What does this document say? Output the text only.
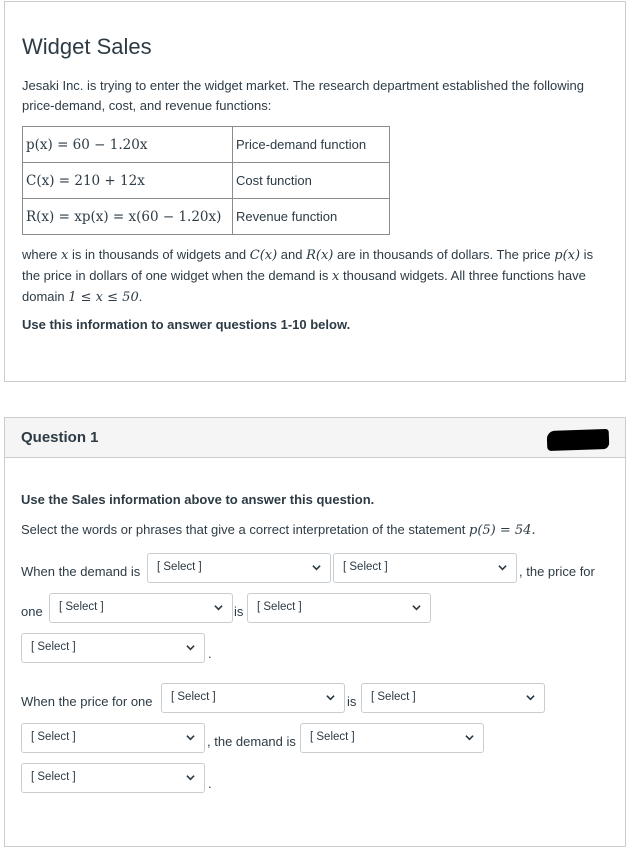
Widget Sales

Jesaki Inc. is trying to enter the widget market. The research department established the following price-demand, cost, and revenue functions:

p(x) = 60 − 1.20x	Price-demand function
C(x) = 210 + 12x	Cost function
R(x) = xp(x) = x(60 − 1.20x)	Revenue function

where x is in thousands of widgets and C(x) and R(x) are in thousands of dollars. The price p(x) is the price in dollars of one widget when the demand is x thousand widgets. All three functions have domain 1 ≤ x ≤ 50.

Use this information to answer questions 1-10 below.

Question 1

Use the Sales information above to answer this question.

Select the words or phrases that give a correct interpretation of the statement p(5) = 54.

When the demand is [ Select ]	[ Select ]	, the price for
one [ Select ]	is [ Select ]
[ Select ]	.
When the price for one [ Select ]	is [ Select ]
[ Select ]	, the demand is [ Select ]
[ Select ]	.
